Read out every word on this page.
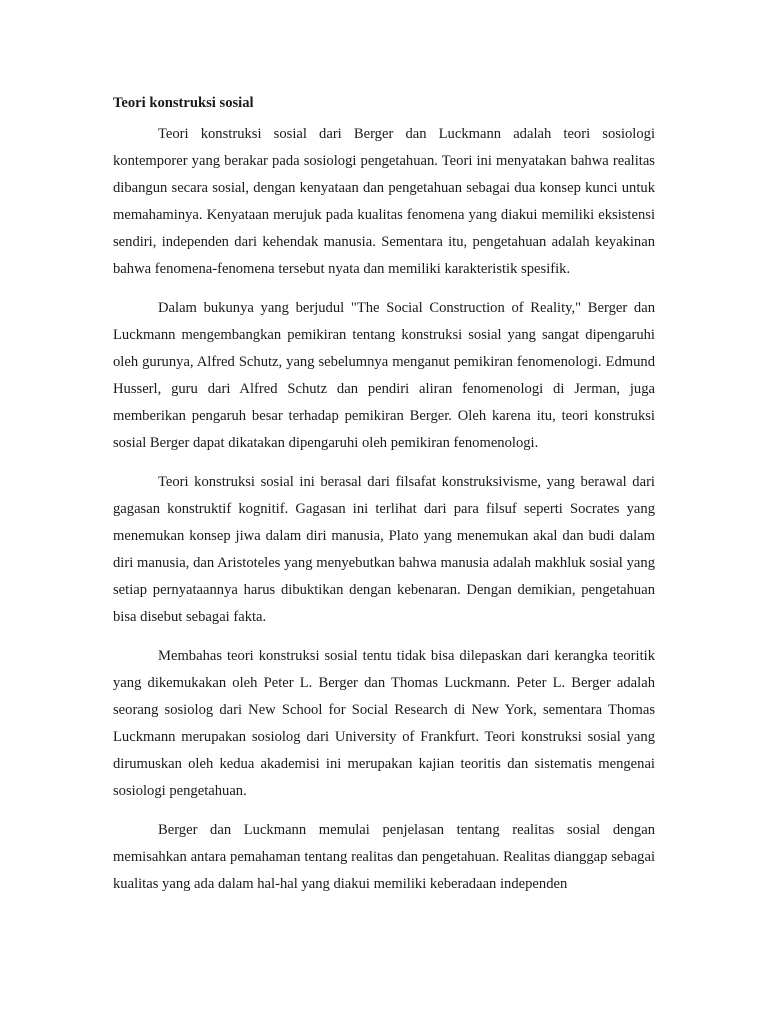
Teori konstruksi sosial

Teori konstruksi sosial dari Berger dan Luckmann adalah teori sosiologi kontemporer yang berakar pada sosiologi pengetahuan. Teori ini menyatakan bahwa realitas dibangun secara sosial, dengan kenyataan dan pengetahuan sebagai dua konsep kunci untuk memahaminya. Kenyataan merujuk pada kualitas fenomena yang diakui memiliki eksistensi sendiri, independen dari kehendak manusia. Sementara itu, pengetahuan adalah keyakinan bahwa fenomena-fenomena tersebut nyata dan memiliki karakteristik spesifik.

Dalam bukunya yang berjudul "The Social Construction of Reality," Berger dan Luckmann mengembangkan pemikiran tentang konstruksi sosial yang sangat dipengaruhi oleh gurunya, Alfred Schutz, yang sebelumnya menganut pemikiran fenomenologi. Edmund Husserl, guru dari Alfred Schutz dan pendiri aliran fenomenologi di Jerman, juga memberikan pengaruh besar terhadap pemikiran Berger. Oleh karena itu, teori konstruksi sosial Berger dapat dikatakan dipengaruhi oleh pemikiran fenomenologi.

Teori konstruksi sosial ini berasal dari filsafat konstruksivisme, yang berawal dari gagasan konstruktif kognitif. Gagasan ini terlihat dari para filsuf seperti Socrates yang menemukan konsep jiwa dalam diri manusia, Plato yang menemukan akal dan budi dalam diri manusia, dan Aristoteles yang menyebutkan bahwa manusia adalah makhluk sosial yang setiap pernyataannya harus dibuktikan dengan kebenaran. Dengan demikian, pengetahuan bisa disebut sebagai fakta.

Membahas teori konstruksi sosial tentu tidak bisa dilepaskan dari kerangka teoritik yang dikemukakan oleh Peter L. Berger dan Thomas Luckmann. Peter L. Berger adalah seorang sosiolog dari New School for Social Research di New York, sementara Thomas Luckmann merupakan sosiolog dari University of Frankfurt. Teori konstruksi sosial yang dirumuskan oleh kedua akademisi ini merupakan kajian teoritis dan sistematis mengenai sosiologi pengetahuan.

Berger dan Luckmann memulai penjelasan tentang realitas sosial dengan memisahkan antara pemahaman tentang realitas dan pengetahuan. Realitas dianggap sebagai kualitas yang ada dalam hal-hal yang diakui memiliki keberadaan independen
